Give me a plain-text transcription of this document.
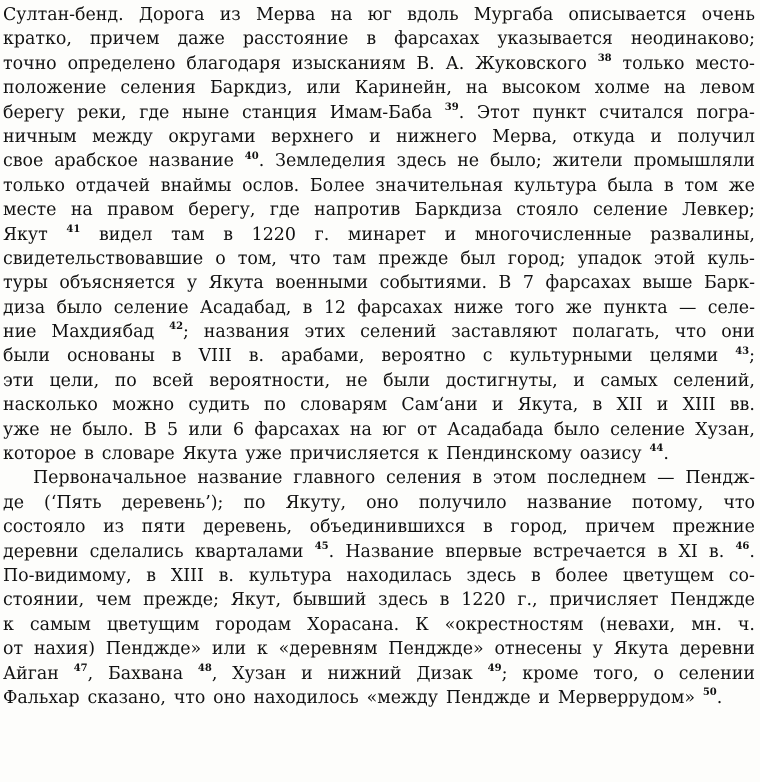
Султан-бенд. Дорога из Мерва на юг вдоль Мургаба описывается очень
кратко, причем даже расстояние в фарсахах указывается неодинаково;
точно определено благодаря изысканиям В. А. Жуковского $^{38}$ только место-
положение селения Баркдиз, или Каринейн, на высоком холме на левом
берегу реки, где ныне станция Имам-Баба $^{39}$. Этот пункт считался погра-
ничным между округами верхнего и нижнего Мерва, откуда и получил
свое арабское название $^{40}$. Земледелия здесь не было; жители промышляли
только отдачей внаймы ослов. Более значительная культура была в том же
месте на правом берегу, где напротив Баркдиза стояло селение Левкер;
Якут $^{41}$ видел там в 1220 г. минарет и многочисленные развалины,
свидетельствовавшие о том, что там прежде был город; упадок этой куль-
туры объясняется у Якута военными событиями. В 7 фарсахах выше Барк-
диза было селение Асадабад, в 12 фарсахах ниже того же пункта — селе-
ние Махдиябад $^{42}$; названия этих селений заставляют полагать, что они
были основаны в VIII в. арабами, вероятно с культурными целями $^{43}$;
эти цели, по всей вероятности, не были достигнуты, и самых селений,
насколько можно судить по словарям Сам‘ани и Якута, в XII и XIII вв.
уже не было. В 5 или 6 фарсахах на юг от Асадабада было селение Хузан,
которое в словаре Якута уже причисляется к Пендинскому оазису $^{44}$.
Первоначальное название главного селения в этом последнем — Пендж-
де (‘Пять деревень’); по Якуту, оно получило название потому, что
состояло из пяти деревень, объединившихся в город, причем прежние
деревни сделались кварталами $^{45}$. Название впервые встречается в XI в. $^{46}$.
По-видимому, в XIII в. культура находилась здесь в более цветущем со-
стоянии, чем прежде; Якут, бывший здесь в 1220 г., причисляет Пенджде
к самым цветущим городам Хорасана. К «окрестностям (невахи, мн. ч.
от нахия) Пенджде» или к «деревням Пенджде» отнесены у Якута деревни
Айган $^{47}$, Бахвана $^{48}$, Хузан и нижний Дизак $^{49}$; кроме того, о селении
Фальхар сказано, что оно находилось «между Пенджде и Мерверрудом» $^{50}$.
